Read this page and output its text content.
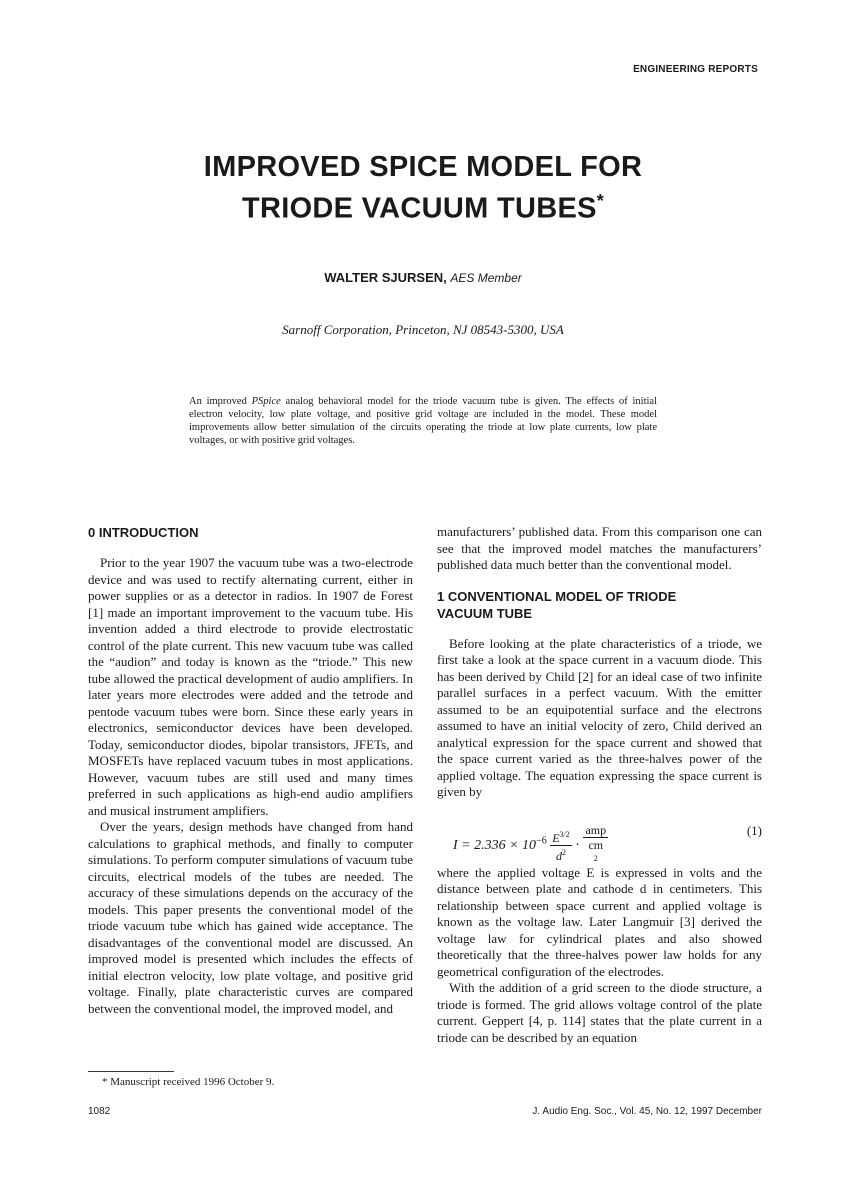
ENGINEERING REPORTS
IMPROVED SPICE MODEL FOR
TRIODE VACUUM TUBES*
WALTER SJURSEN, AES Member
Sarnoff Corporation, Princeton, NJ 08543-5300, USA
An improved PSpice analog behavioral model for the triode vacuum tube is given. The effects of initial electron velocity, low plate voltage, and positive grid voltage are included in the model. These model improvements allow better simulation of the circuits operating the triode at low plate currents, low plate voltages, or with positive grid voltages.
0 INTRODUCTION

Prior to the year 1907 the vacuum tube was a two-electrode device and was used to rectify alternating current, either in power supplies or as a detector in radios. In 1907 de Forest [1] made an important improvement to the vacuum tube. His invention added a third electrode to provide electrostatic control of the plate current. This new vacuum tube was called the “audion” and today is known as the “triode.” This new tube allowed the practical development of audio amplifiers. In later years more electrodes were added and the tetrode and pentode vacuum tubes were born. Since these early years in electronics, semiconductor devices have been developed. Today, semiconductor diodes, bipolar transistors, JFETs, and MOSFETs have replaced vacuum tubes in most applications. However, vacuum tubes are still used and many times preferred in such applications as high-end audio amplifiers and musical instrument amplifiers.

Over the years, design methods have changed from hand calculations to graphical methods, and finally to computer simulations. To perform computer simulations of vacuum tube circuits, electrical models of the tubes are needed. The accuracy of these simulations depends on the accuracy of the models. This paper presents the conventional model of the triode vacuum tube which has gained wide acceptance. The disadvantages of the conventional model are discussed. An improved model is presented which includes the effects of initial electron velocity, low plate voltage, and positive grid voltage. Finally, plate characteristic curves are compared between the conventional model, the improved model, and

manufacturers’ published data. From this comparison one can see that the improved model matches the manufacturers’ published data much better than the conventional model.

1 CONVENTIONAL MODEL OF TRIODE
VACUUM TUBE

Before looking at the plate characteristics of a triode, we first take a look at the space current in a vacuum diode. This has been derived by Child [2] for an ideal case of two infinite parallel surfaces in a perfect vacuum. With the emitter assumed to be an equipotential surface and the electrons assumed to have an initial velocity of zero, Child derived an analytical expression for the space current and showed that the space current varied as the three-halves power of the applied voltage. The equation expressing the space current is given by

$I = 2.336 \times 10^{-6} \frac{E^{3/2}}{d^2}$ · amp
cm
$^2$	(1)

where the applied voltage E is expressed in volts and the distance between plate and cathode d in centimeters. This relationship between space current and applied voltage is known as the voltage law. Later Langmuir [3] derived the voltage law for cylindrical plates and also showed theoretically that the three-halves power law holds for any geometrical configuration of the electrodes.

With the addition of a grid screen to the diode structure, a triode is formed. The grid allows voltage control of the plate current. Geppert [4, p. 114] states that the plate current in a triode can be described by an equation

* Manuscript received 1996 October 9.
1082	J. Audio Eng. Soc., Vol. 45, No. 12, 1997 December
